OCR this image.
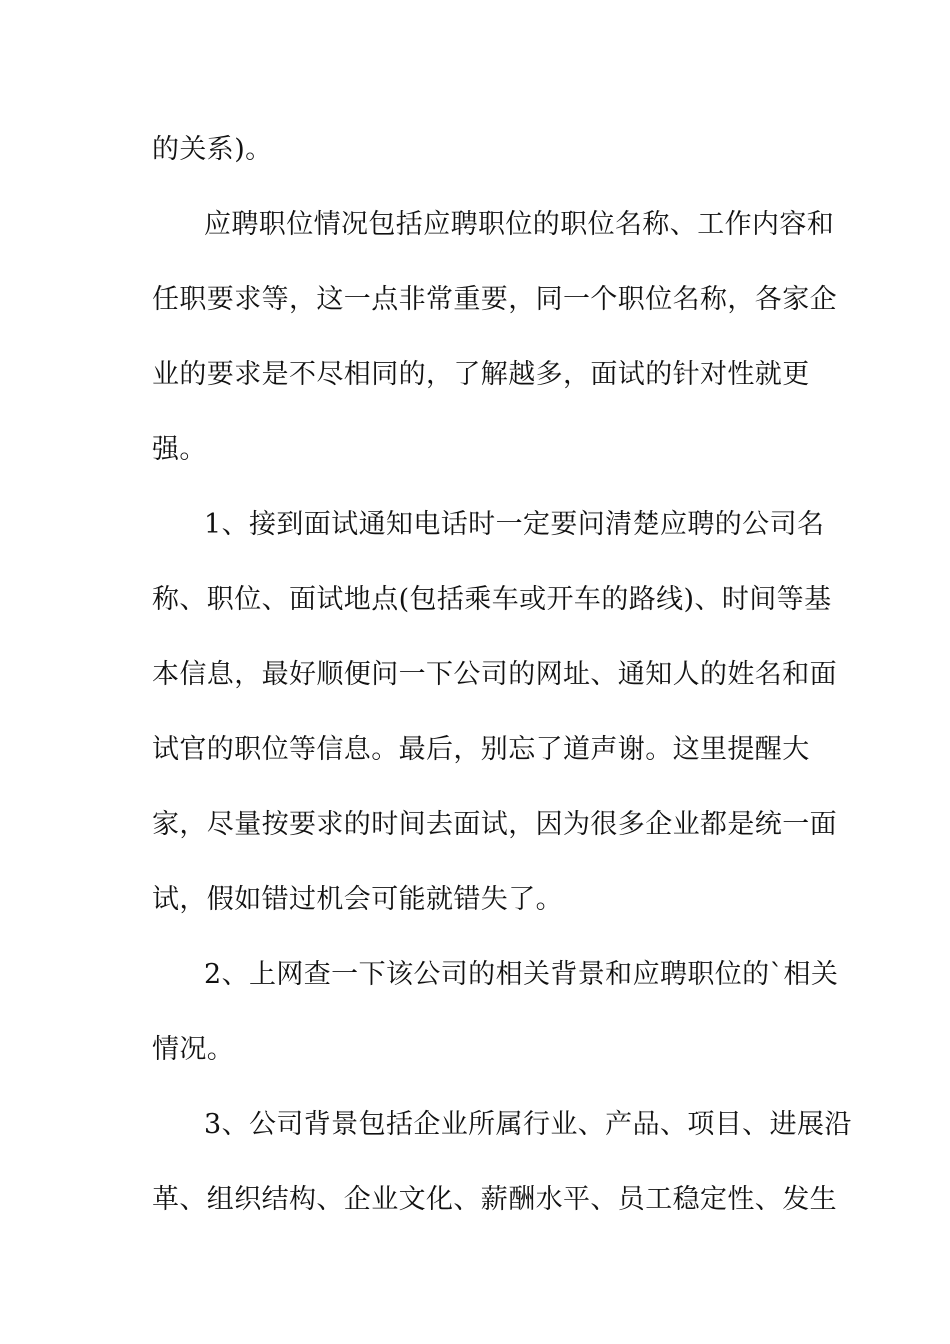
的关系)。
应聘职位情况包括应聘职位的职位名称、工作内容和
任职要求等，这一点非常重要，同一个职位名称，各家企
业的要求是不尽相同的，了解越多，面试的针对性就更
强。
1、接到面试通知电话时一定要问清楚应聘的公司名
称、职位、面试地点(包括乘车或开车的路线)、时间等基
本信息，最好顺便问一下公司的网址、通知人的姓名和面
试官的职位等信息。最后，别忘了道声谢。这里提醒大
家，尽量按要求的时间去面试，因为很多企业都是统一面
试，假如错过机会可能就错失了。
2、上网查一下该公司的相关背景和应聘职位的`相关
情况。
3、公司背景包括企业所属行业、产品、项目、进展沿
革、组织结构、企业文化、薪酬水平、员工稳定性、发生
